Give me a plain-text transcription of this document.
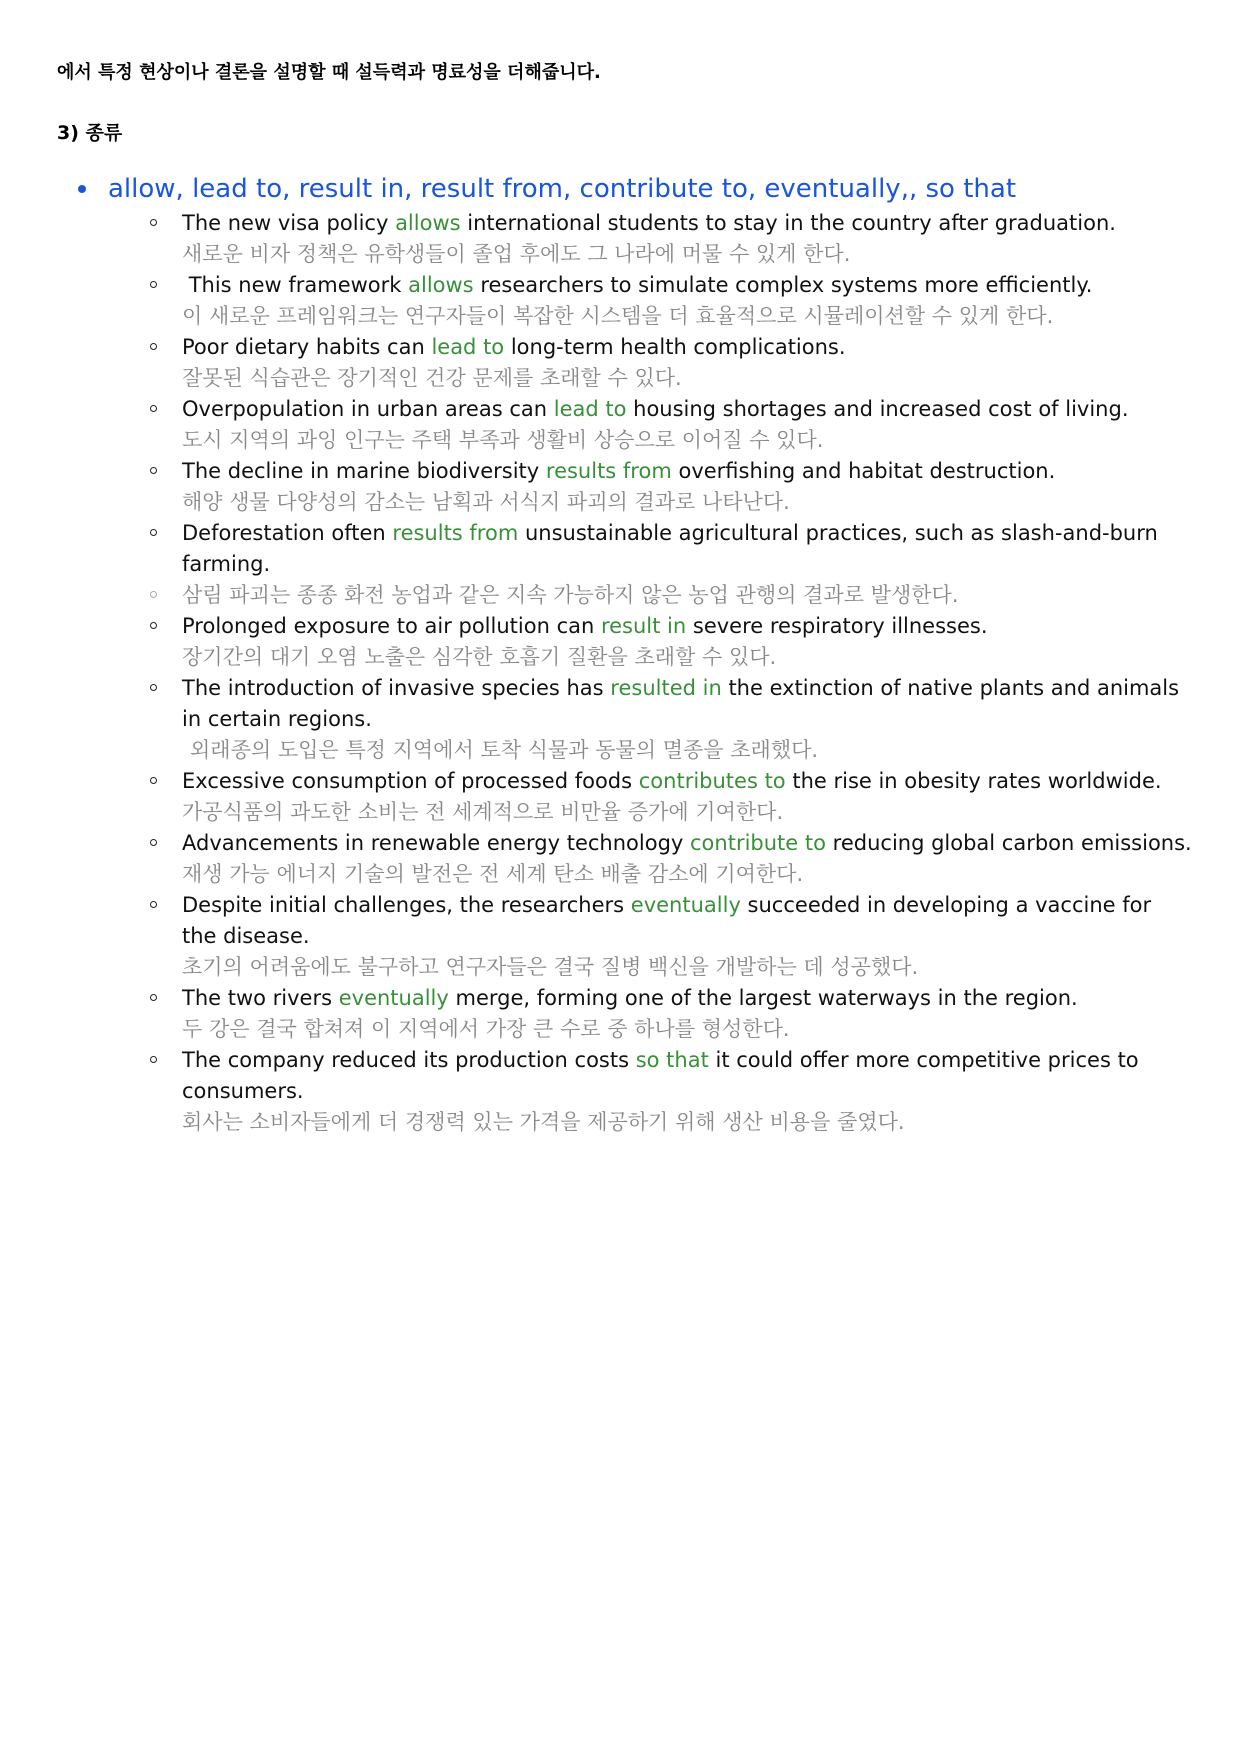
에서 특정 현상이나 결론을 설명할 때 설득력과 명료성을 더해줍니다.
3) 종류
allow, lead to, result in, result from, contribute to, eventually,, so that
The new visa policy allows international students to stay in the country after graduation.
새로운 비자 정책은 유학생들이 졸업 후에도 그 나라에 머물 수 있게 한다.
This new framework allows researchers to simulate complex systems more efficiently.
이 새로운 프레임워크는 연구자들이 복잡한 시스템을 더 효율적으로 시뮬레이션할 수 있게 한다.
Poor dietary habits can lead to long-term health complications.
잘못된 식습관은 장기적인 건강 문제를 초래할 수 있다.
Overpopulation in urban areas can lead to housing shortages and increased cost of living.
도시 지역의 과잉 인구는 주택 부족과 생활비 상승으로 이어질 수 있다.
The decline in marine biodiversity results from overfishing and habitat destruction.
해양 생물 다양성의 감소는 남획과 서식지 파괴의 결과로 나타난다.
Deforestation often results from unsustainable agricultural practices, such as slash-and-burn farming.
삼림 파괴는 종종 화전 농업과 같은 지속 가능하지 않은 농업 관행의 결과로 발생한다.
Prolonged exposure to air pollution can result in severe respiratory illnesses.
장기간의 대기 오염 노출은 심각한 호흡기 질환을 초래할 수 있다.
The introduction of invasive species has resulted in the extinction of native plants and animals in certain regions.
외래종의 도입은 특정 지역에서 토착 식물과 동물의 멸종을 초래했다.
Excessive consumption of processed foods contributes to the rise in obesity rates worldwide.
가공식품의 과도한 소비는 전 세계적으로 비만율 증가에 기여한다.
Advancements in renewable energy technology contribute to reducing global carbon emissions.
재생 가능 에너지 기술의 발전은 전 세계 탄소 배출 감소에 기여한다.
Despite initial challenges, the researchers eventually succeeded in developing a vaccine for the disease.
초기의 어려움에도 불구하고 연구자들은 결국 질병 백신을 개발하는 데 성공했다.
The two rivers eventually merge, forming one of the largest waterways in the region.
두 강은 결국 합쳐져 이 지역에서 가장 큰 수로 중 하나를 형성한다.
The company reduced its production costs so that it could offer more competitive prices to consumers.
회사는 소비자들에게 더 경쟁력 있는 가격을 제공하기 위해 생산 비용을 줄였다.
